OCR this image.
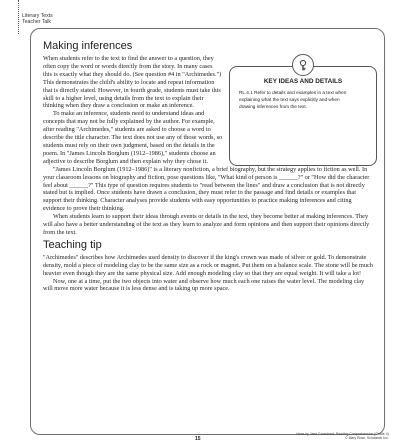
Literary Texts
Teacher Talk
KEY IDEAS AND DETAILS
RL.4.1 Refer to details and examples in a text when explaining what the text says explicitly and when drawing inferences from the text.
Making inferences

When students refer to the text to find the answer to a question, they often copy the word or words directly from the story. In many cases this is exactly what they should do. (See question #4 in "Archimedes.") This demonstrates the child's ability to locate and repeat information that is directly stated. However, in fourth grade, students must take this skill to a higher level, using details from the text to explain their thinking when they draw a conclusion or make an inference.

To make an inference, students need to understand ideas and concepts that may not be fully explained by the author. For example, after reading "Archimedes," students are asked to choose a word to describe the title character. The text does not use any of those words, so students must rely on their own judgment, based on the details in the poem. In "James Lincoln Borglum (1912–1986)," students choose an adjective to describe Borglum and then explain why they chose it.

"James Lincoln Borglum (1912–1986)" is a literary nonfiction, a brief biography, but the strategy applies to fiction as well. In your classroom lessons on biography and fiction, pose questions like, "What kind of person is ______?" or "How did the character feel about ______?" This type of question requires students to "read between the lines" and draw a conclusion that is not directly stated but is implied. Once students have drawn a conclusion, they must refer to the passage and find details or examples that support their thinking. Character analyses provide students with easy opportunities to practice making inferences and citing evidence to prove their thinking.

When students learn to support their ideas through events or details in the text, they become better at making inferences. They will also have a better understanding of the text as they learn to analyze and form opinions and then support their opinions directly from the text.

Teaching tip

"Archimedes" describes how Archimedes used density to discover if the king's crown was made of silver or gold. To demonstrate density, mold a piece of modeling clay to be the same size as a rock or magnet. Put them on a balance scale. The stone will be much heavier even though they are the same physical size. Add enough modeling clay so that they are equal weight. It will take a lot!

Now, one at a time, put the two objects into water and observe how much each one raises the water level. The modeling clay will move more water because it is less dense and is taking up more space.

15
Ideas by Jane Grossbard: Reading Comprehension (Grade 4)
© Mary Rose, Scholastic Inc.
